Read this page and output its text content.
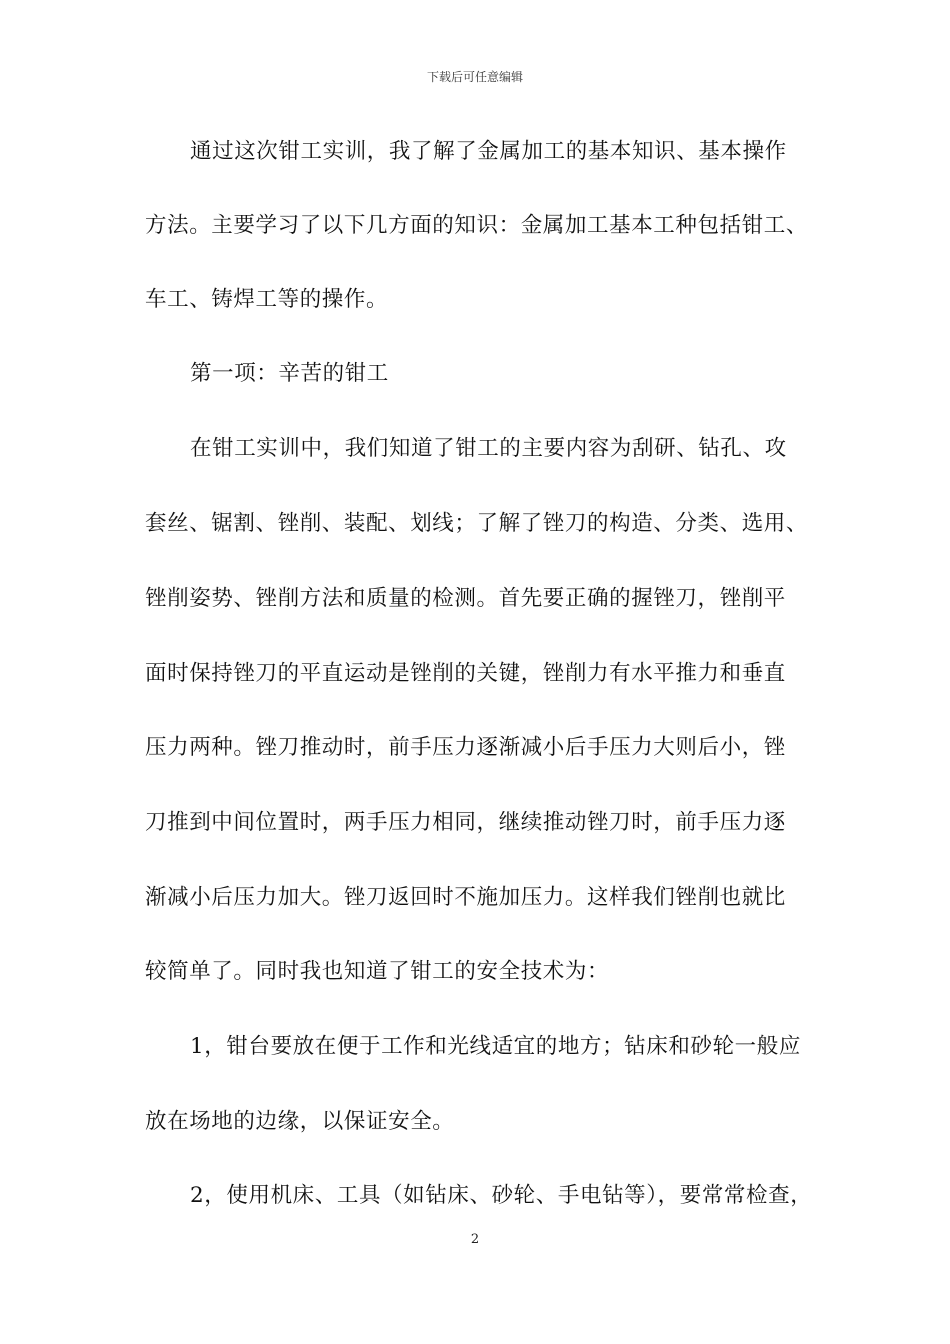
下载后可任意编辑
通过这次钳工实训，我了解了金属加工的基本知识、基本操作
方法。主要学习了以下几方面的知识：金属加工基本工种包括钳工、
车工、铸焊工等的操作。
第一项：辛苦的钳工
在钳工实训中，我们知道了钳工的主要内容为刮研、钻孔、攻
套丝、锯割、锉削、装配、划线；了解了锉刀的构造、分类、选用、
锉削姿势、锉削方法和质量的检测。首先要正确的握锉刀，锉削平
面时保持锉刀的平直运动是锉削的关键，锉削力有水平推力和垂直
压力两种。锉刀推动时，前手压力逐渐减小后手压力大则后小，锉
刀推到中间位置时，两手压力相同，继续推动锉刀时，前手压力逐
渐减小后压力加大。锉刀返回时不施加压力。这样我们锉削也就比
较简单了。同时我也知道了钳工的安全技术为：
1，钳台要放在便于工作和光线适宜的地方；钻床和砂轮一般应
放在场地的边缘，以保证安全。
2，使用机床、工具（如钻床、砂轮、手电钻等），要常常检查，
2
